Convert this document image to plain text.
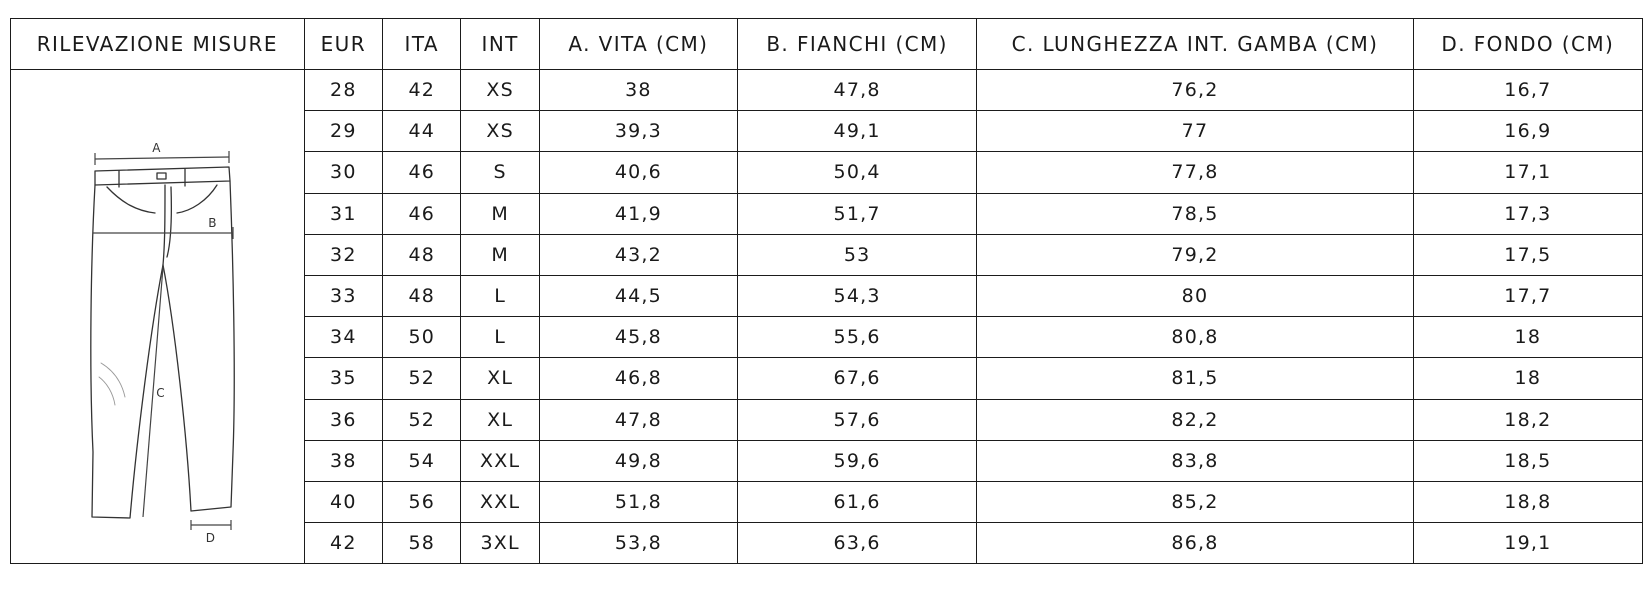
RILEVAZIONE MISURE	EUR	ITA	INT	A. VITA (CM)	B. FIANCHI (CM)	C. LUNGHEZZA INT. GAMBA (CM)	D. FONDO (CM)

A
B
C
D	28	42	XS	38	47,8	76,2	16,7
	29	44	XS	39,3	49,1	77	16,9
	30	46	S	40,6	50,4	77,8	17,1
	31	46	M	41,9	51,7	78,5	17,3
	32	48	M	43,2	53	79,2	17,5
	33	48	L	44,5	54,3	80	17,7
	34	50	L	45,8	55,6	80,8	18
	35	52	XL	46,8	67,6	81,5	18
	36	52	XL	47,8	57,6	82,2	18,2
	38	54	XXL	49,8	59,6	83,8	18,5
	40	56	XXL	51,8	61,6	85,2	18,8
	42	58	3XL	53,8	63,6	86,8	19,1
